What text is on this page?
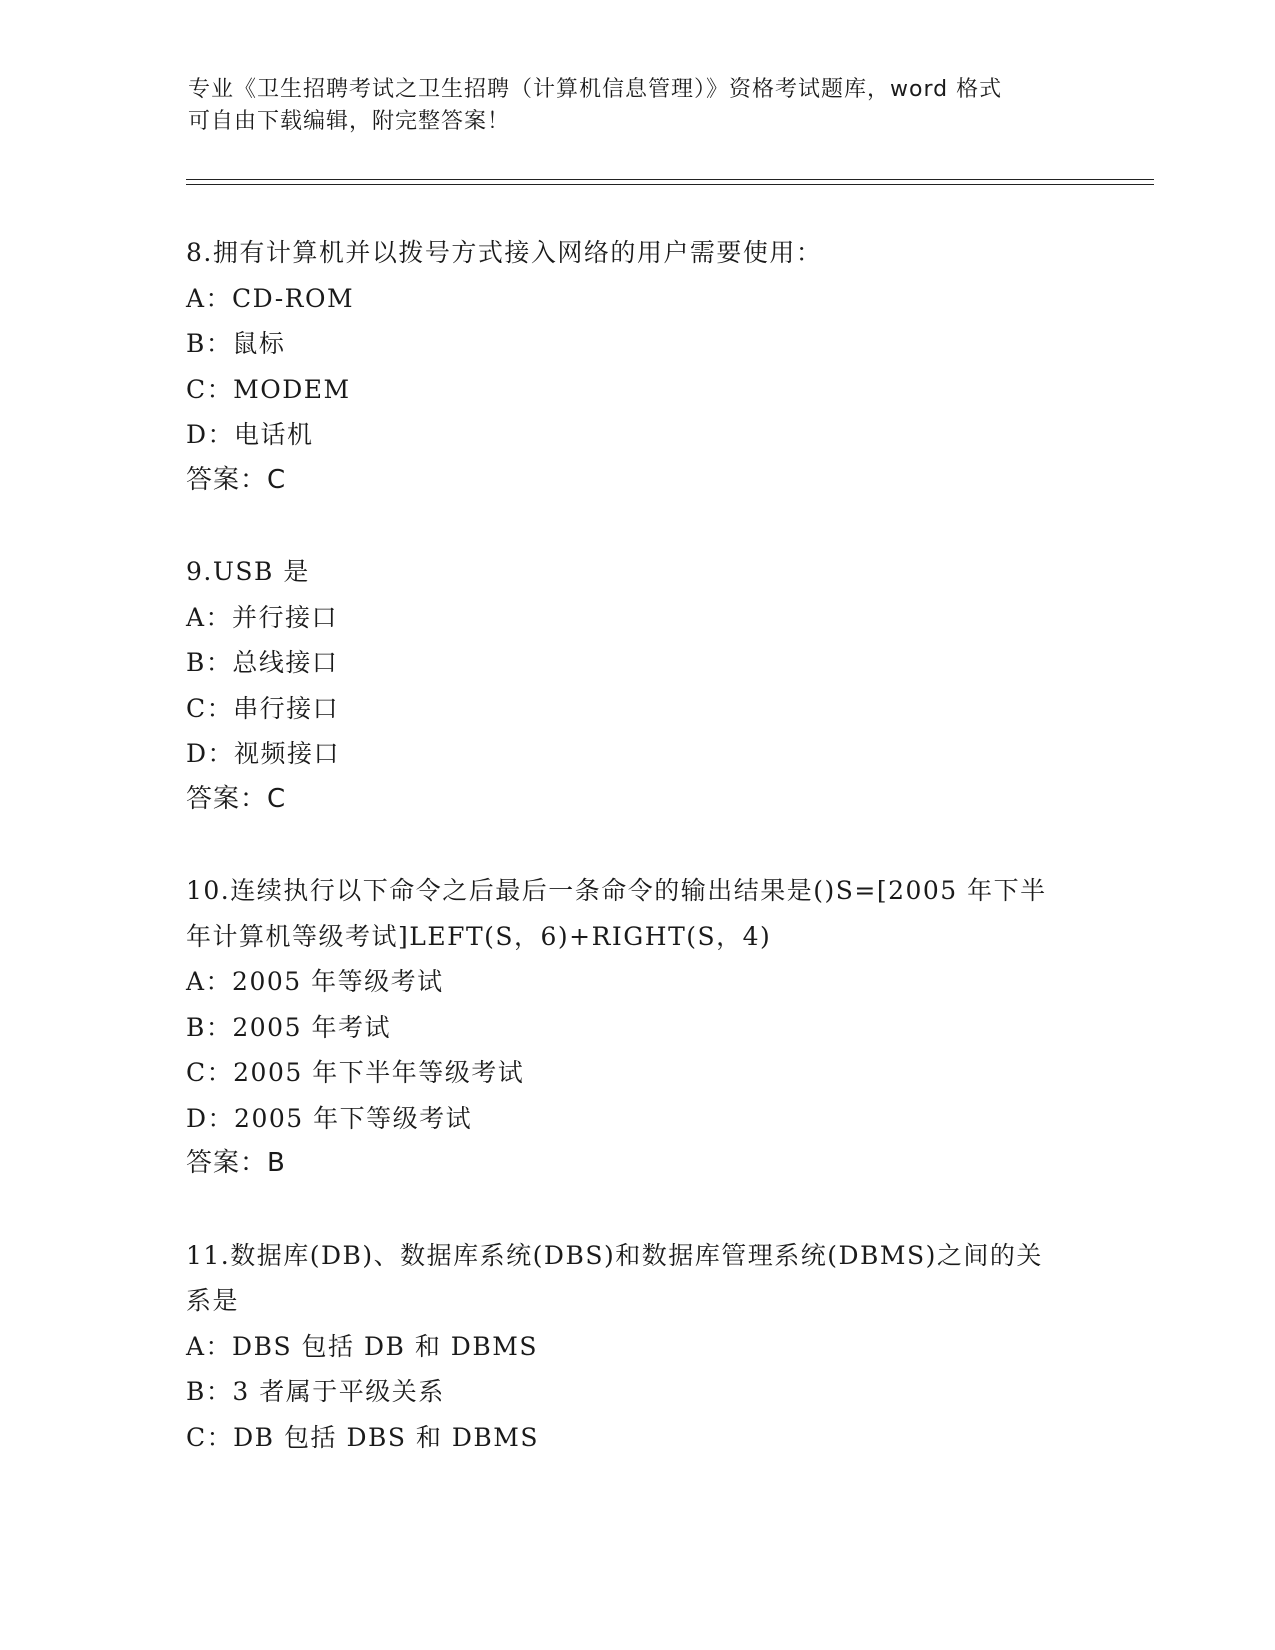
专业《卫生招聘考试之卫生招聘（计算机信息管理）》资格考试题库，word 格式
可自由下载编辑，附完整答案！
8.拥有计算机并以拨号方式接入网络的用户需要使用：
A：CD-ROM
B：鼠标
C：MODEM
D：电话机
答案：C
9.USB 是
A：并行接口
B：总线接口
C：串行接口
D：视频接口
答案：C
10.连续执行以下命令之后最后一条命令的输出结果是()S=[2005 年下半年计算机等级考试]LEFT(S，6)+RIGHT(S，4)
A：2005 年等级考试
B：2005 年考试
C：2005 年下半年等级考试
D：2005 年下等级考试
答案：B
11.数据库(DB)、数据库系统(DBS)和数据库管理系统(DBMS)之间的关系是
A：DBS 包括 DB 和 DBMS
B：3 者属于平级关系
C：DB 包括 DBS 和 DBMS
